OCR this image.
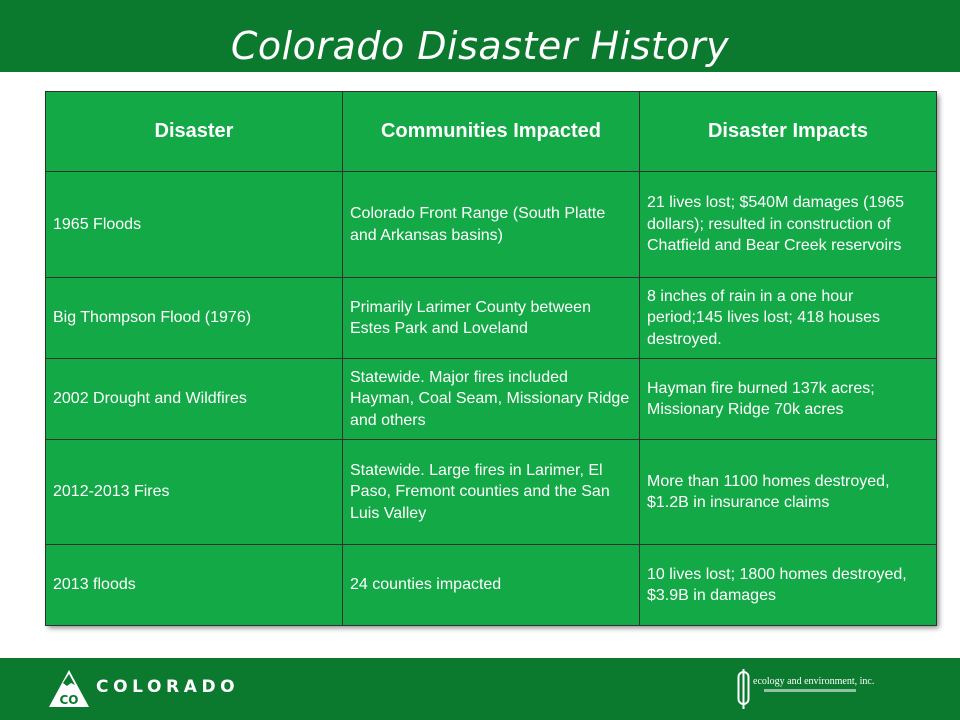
Colorado Disaster History
Disaster	Communities Impacted	Disaster Impacts
1965 Floods	Colorado Front Range (South Platte and Arkansas basins)	21 lives lost; $540M damages (1965 dollars); resulted in construction of Chatfield and Bear Creek reservoirs
Big Thompson Flood (1976)	Primarily Larimer County between Estes Park and Loveland	8 inches of rain in a one hour period;145 lives lost; 418 houses destroyed.
2002 Drought and Wildfires	Statewide. Major fires included Hayman, Coal Seam, Missionary Ridge and others	Hayman fire burned 137k acres; Missionary Ridge 70k acres
2012-2013 Fires	Statewide. Large fires in Larimer, El Paso, Fremont counties and the San Luis Valley	More than 1100 homes destroyed, $1.2B in insurance claims
2013 floods	24 counties impacted	10 lives lost; 1800 homes destroyed, $3.9B in damages
CO
COLORADO	ecology and environment, inc.
